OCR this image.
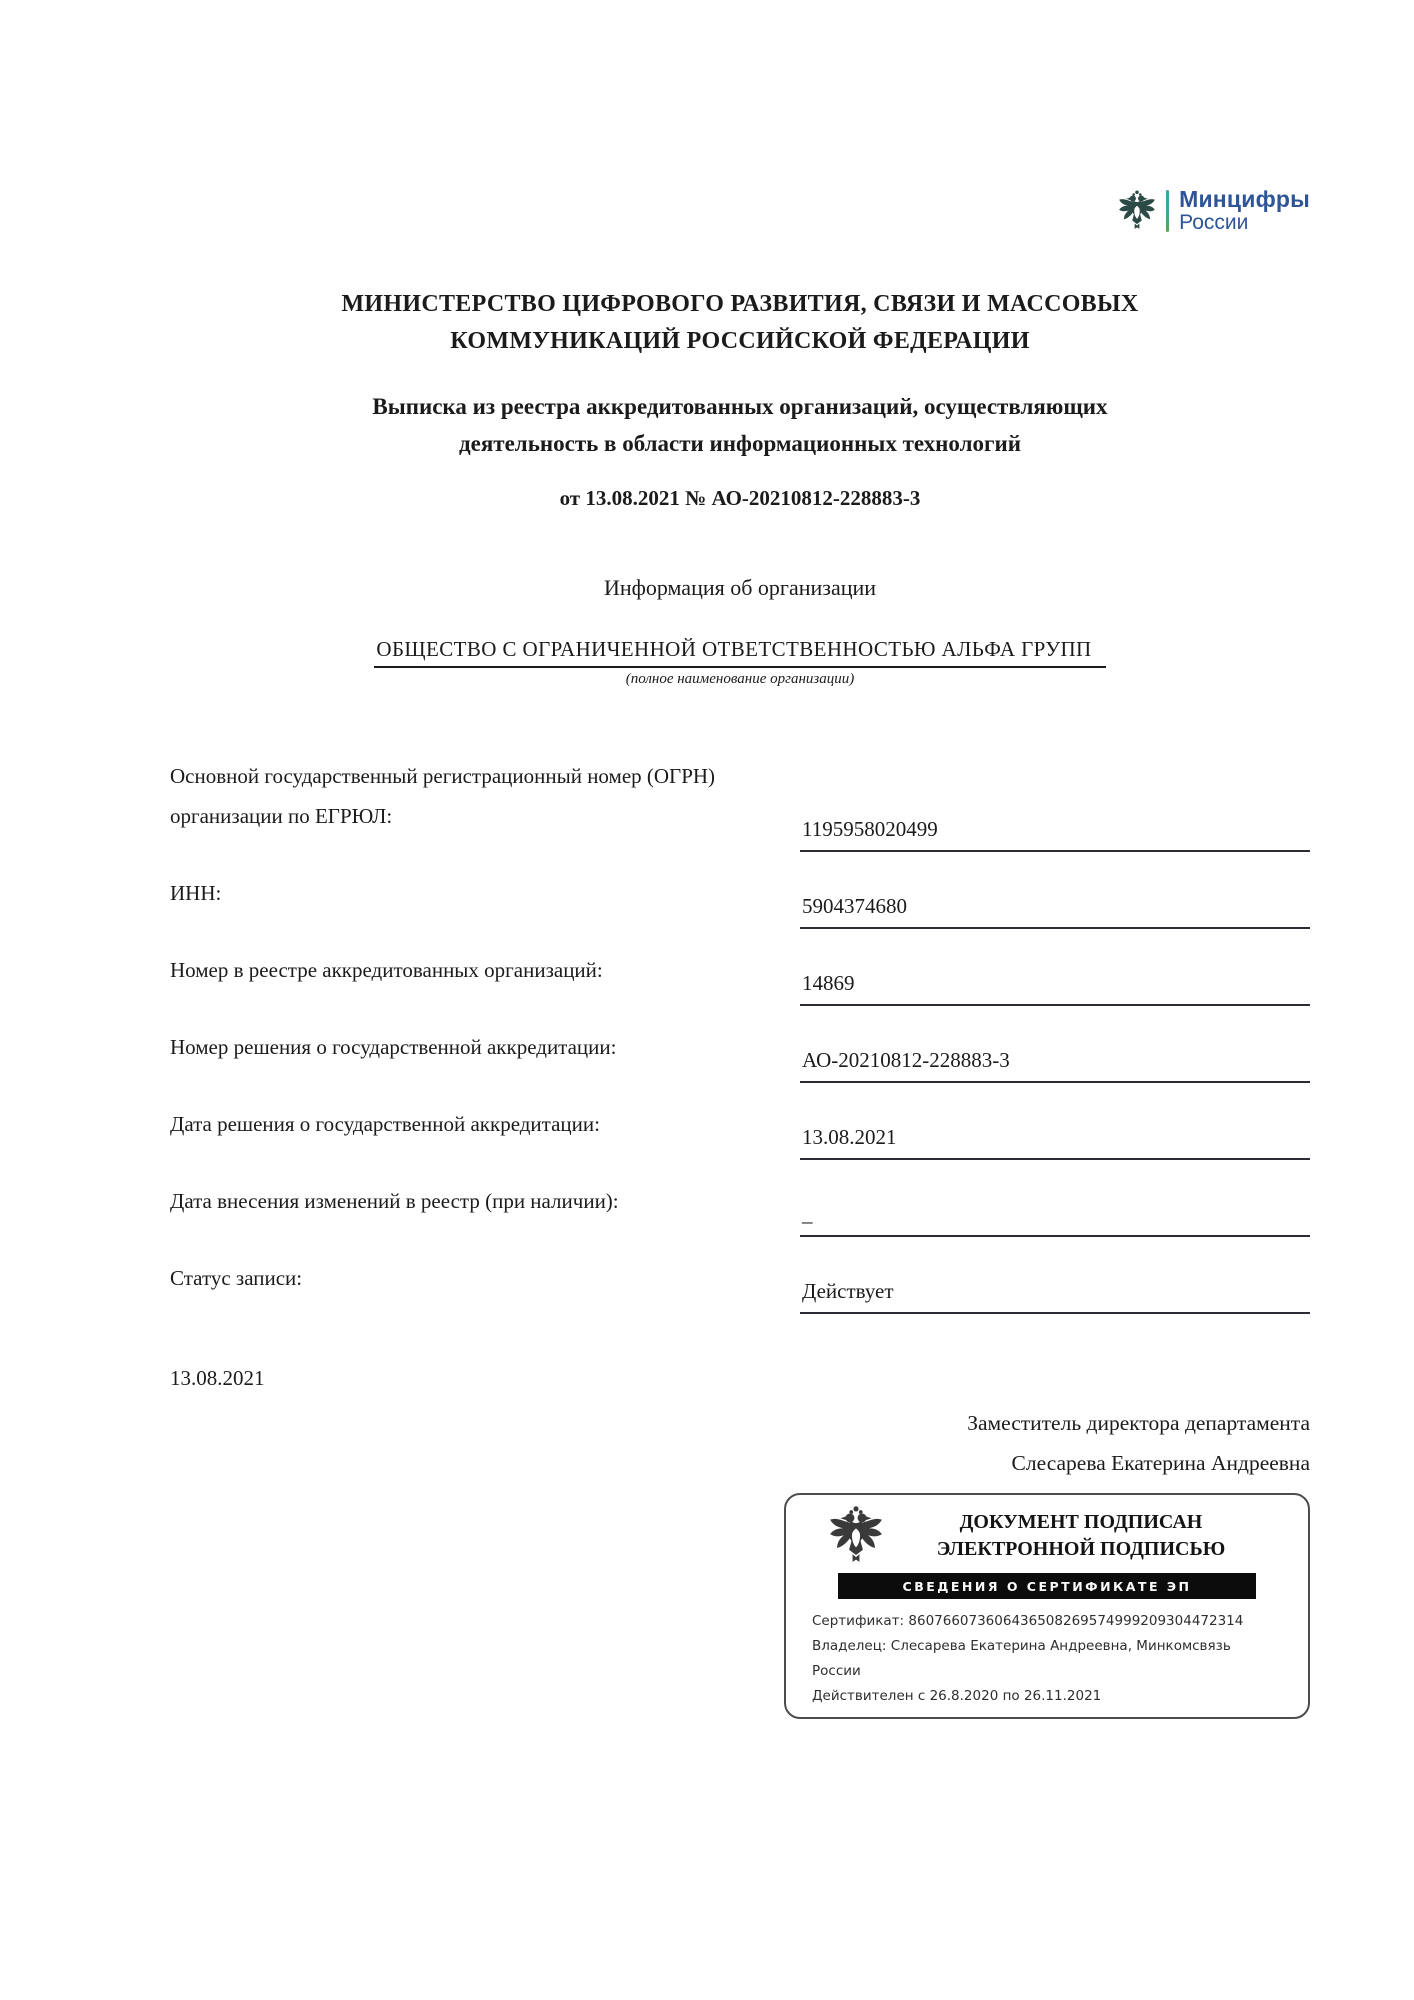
Минцифры
России
МИНИСТЕРСТВО ЦИФРОВОГО РАЗВИТИЯ, СВЯЗИ И МАССОВЫХ
КОММУНИКАЦИЙ РОССИЙСКОЙ ФЕДЕРАЦИИ
Выписка из реестра аккредитованных организаций, осуществляющих
деятельность в области информационных технологий
от 13.08.2021 № АО-20210812-228883-3
Информация об организации
ОБЩЕСТВО С ОГРАНИЧЕННОЙ ОТВЕТСТВЕННОСТЬЮ АЛЬФА ГРУПП
(полное наименование организации)
Основной государственный регистрационный номер (ОГРН) организации по ЕГРЮЛ:
1195958020499
ИНН:
5904374680
Номер в реестре аккредитованных организаций:
14869
Номер решения о государственной аккредитации:
АО-20210812-228883-3
Дата решения о государственной аккредитации:
13.08.2021
Дата внесения изменений в реестр (при наличии):
_
Статус записи:
Действует
13.08.2021
Заместитель директора департамента
Слесарева Екатерина Андреевна
ДОКУМЕНТ ПОДПИСАН
ЭЛЕКТРОННОЙ ПОДПИСЬЮ
СВЕДЕНИЯ О СЕРТИФИКАТЕ ЭП
Сертификат: 860766073606436508269574999209304472314
Владелец: Слесарева Екатерина Андреевна, Минкомсвязь России
Действителен с 26.8.2020 по 26.11.2021
